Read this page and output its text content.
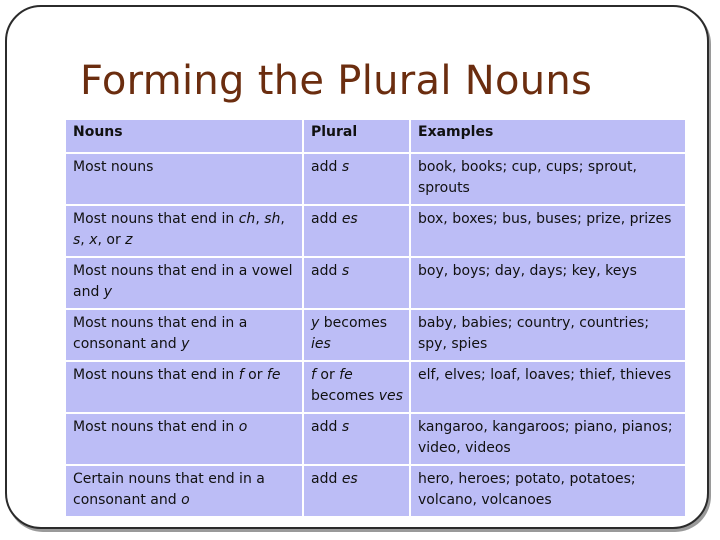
Forming the Plural Nouns
Nouns	Plural	Examples
Most nouns	add s	book, books; cup, cups; sprout, sprouts
Most nouns that end in ch, sh, s, x, or z	add es	box, boxes; bus, buses; prize, prizes
Most nouns that end in a vowel and y	add s	boy, boys; day, days; key, keys
Most nouns that end in a consonant and y	y becomes ies	baby, babies; country, countries; spy, spies
Most nouns that end in f or fe	f or fe becomes ves	elf, elves; loaf, loaves; thief, thieves
Most nouns that end in o	add s	kangaroo, kangaroos; piano, pianos; video, videos
Certain nouns that end in a consonant and o	add es	hero, heroes; potato, potatoes; volcano, volcanoes
